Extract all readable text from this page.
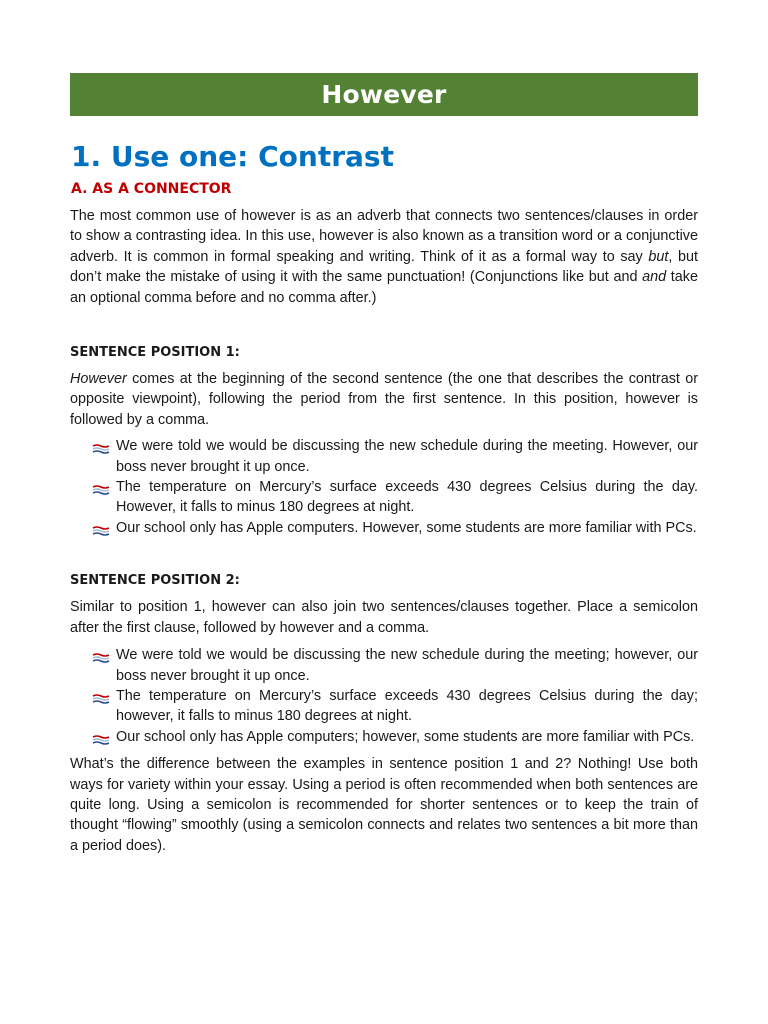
However
1. Use one: Contrast
A. AS A CONNECTOR

The most common use of however is as an adverb that connects two sentences/clauses in order to show a contrasting idea. In this use, however is also known as a transition word or a conjunctive adverb. It is common in formal speaking and writing. Think of it as a formal way to say but, but don’t make the mistake of using it with the same punctuation! (Conjunctions like but and and take an optional comma before and no comma after.)

SENTENCE POSITION 1:

However comes at the beginning of the second sentence (the one that describes the contrast or opposite viewpoint), following the period from the first sentence. In this position, however is followed by a comma.

We were told we would be discussing the new schedule during the meeting. However, our boss never brought it up once.
The temperature on Mercury’s surface exceeds 430 degrees Celsius during the day. However, it falls to minus 180 degrees at night.
Our school only has Apple computers. However, some students are more familiar with PCs.
SENTENCE POSITION 2:

Similar to position 1, however can also join two sentences/clauses together. Place a semicolon after the first clause, followed by however and a comma.

We were told we would be discussing the new schedule during the meeting; however, our boss never brought it up once.
The temperature on Mercury’s surface exceeds 430 degrees Celsius during the day; however, it falls to minus 180 degrees at night.
Our school only has Apple computers; however, some students are more familiar with PCs.

What’s the difference between the examples in sentence position 1 and 2? Nothing! Use both ways for variety within your essay. Using a period is often recommended when both sentences are quite long. Using a semicolon is recommended for shorter sentences or to keep the train of thought “flowing” smoothly (using a semicolon connects and relates two sentences a bit more than a period does).
